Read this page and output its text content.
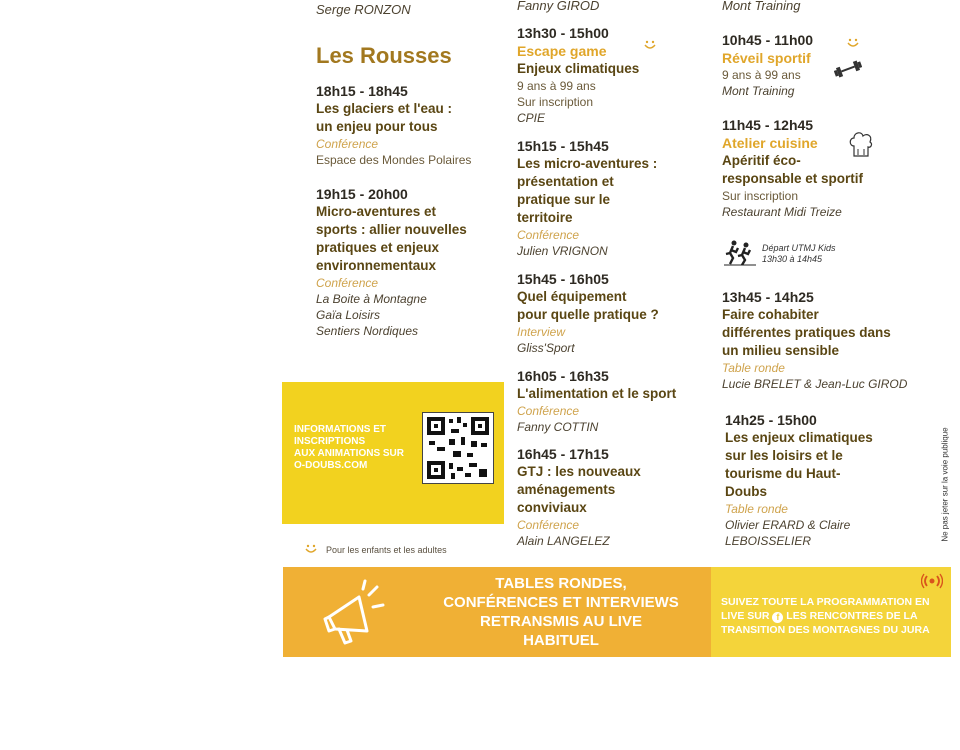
Serge RONZON
Les Rousses
18h15 - 18h45
Les glaciers et l'eau :
un enjeu pour tous
Conférence
Espace des Mondes Polaires
19h15 - 20h00
Micro-aventures et
sports : allier nouvelles
pratiques et enjeux
environnementaux
Conférence
La Boite à Montagne
Gaïa Loisirs
Sentiers Nordiques
INFORMATIONS ET
INSCRIPTIONS
AUX ANIMATIONS SUR
O-DOUBS.COM
Pour les enfants et les adultes
Fanny GIROD
13h30 - 15h00
Escape game
Enjeux climatiques
9 ans à 99 ans
Sur inscription
CPIE
15h15 - 15h45
Les micro-aventures :
présentation et
pratique sur le
territoire
Conférence
Julien VRIGNON
15h45 - 16h05
Quel équipement
pour quelle pratique ?
Interview
Gliss'Sport
16h05 - 16h35
L'alimentation et le sport
Conférence
Fanny COTTIN
16h45 - 17h15
GTJ : les nouveaux
aménagements
conviviaux
Conférence
Alain LANGELEZ
Mont Training
10h45 - 11h00
Réveil sportif
9 ans à 99 ans
Mont Training
11h45 - 12h45
Atelier cuisine
Apéritif éco-
responsable et sportif
Sur inscription
Restaurant Midi Treize
Départ UTMJ Kids
13h30 à 14h45
13h45 - 14h25
Faire cohabiter
différentes pratiques dans
un milieu sensible
Table ronde
Lucie BRELET & Jean-Luc GIROD
14h25 - 15h00
Les enjeux climatiques
sur les loisirs et le
tourisme du Haut-
Doubs
Table ronde
Olivier ERARD & Claire
LEBOISSELIER	Ne pas jeter sur la voie publique
TABLES RONDES,
CONFÉRENCES ET INTERVIEWS
RETRANSMIS AU LIVE
HABITUEL
SUIVEZ TOUTE LA PROGRAMMATION EN
LIVE SUR f LES RENCONTRES DE LA
TRANSITION DES MONTAGNES DU JURA
